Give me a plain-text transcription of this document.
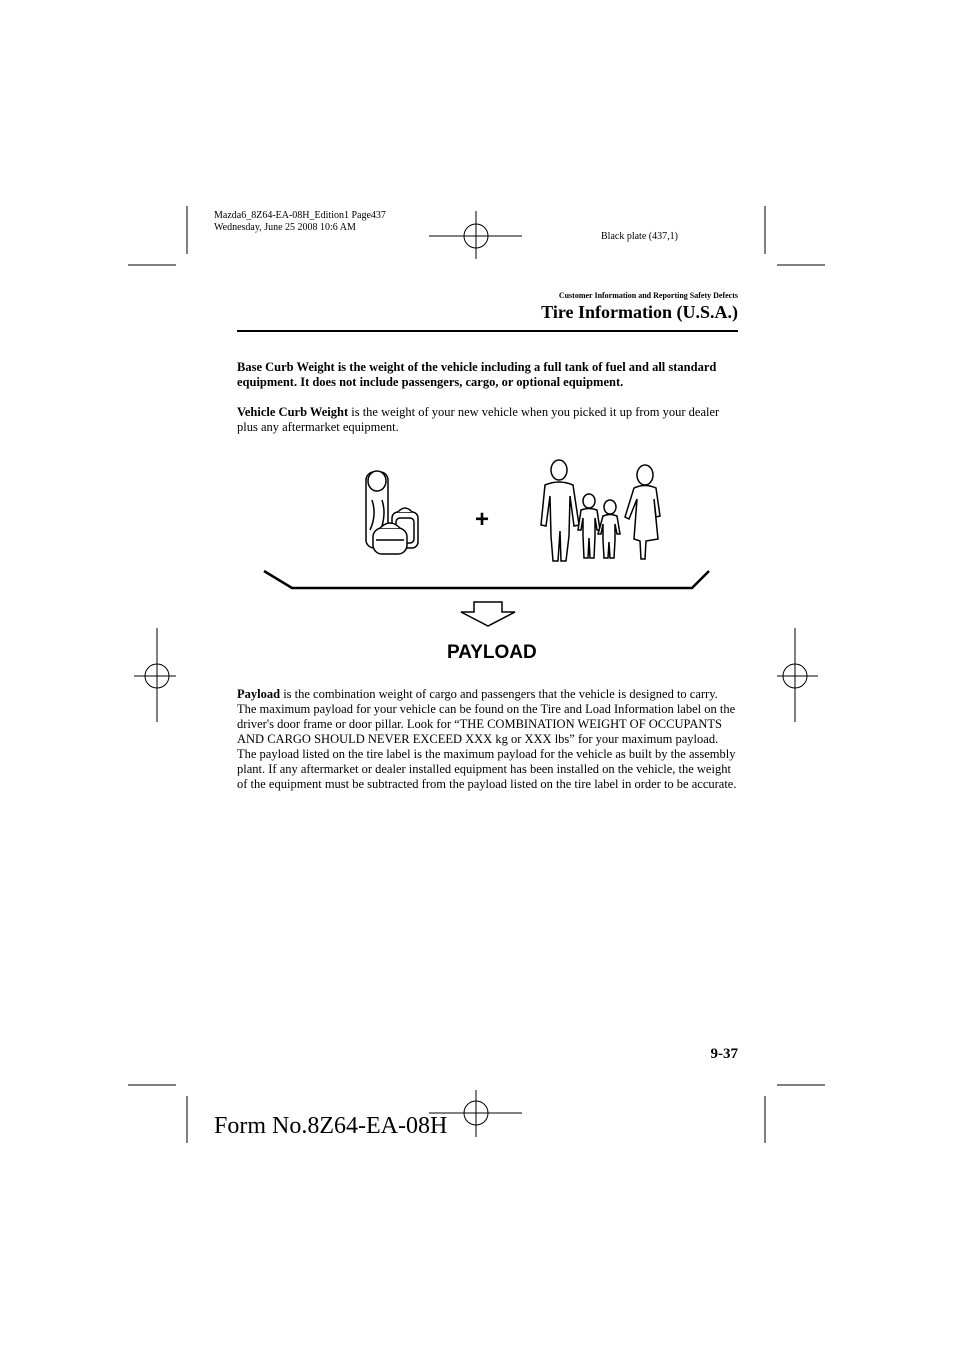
Mazda6_8Z64-EA-08H_Edition1 Page437
Wednesday, June 25 2008 10:6 AM
Black plate (437,1)
Customer Information and Reporting Safety Defects
Tire Information (U.S.A.)
Base Curb Weight is the weight of the vehicle including a full tank of fuel and all standard equipment. It does not include passengers, cargo, or optional equipment.
Vehicle Curb Weight is the weight of your new vehicle when you picked it up from your dealer plus any aftermarket equipment.
+
PAYLOAD
Payload is the combination weight of cargo and passengers that the vehicle is designed to carry. The maximum payload for your vehicle can be found on the Tire and Load Information label on the driver's door frame or door pillar. Look for “THE COMBINATION WEIGHT OF OCCUPANTS AND CARGO SHOULD NEVER EXCEED XXX kg or XXX lbs” for your maximum payload. The payload listed on the tire label is the maximum payload for the vehicle as built by the assembly plant. If any aftermarket or dealer installed equipment has been installed on the vehicle, the weight of the equipment must be subtracted from the payload listed on the tire label in order to be accurate.
9-37
Form No.8Z64-EA-08H
